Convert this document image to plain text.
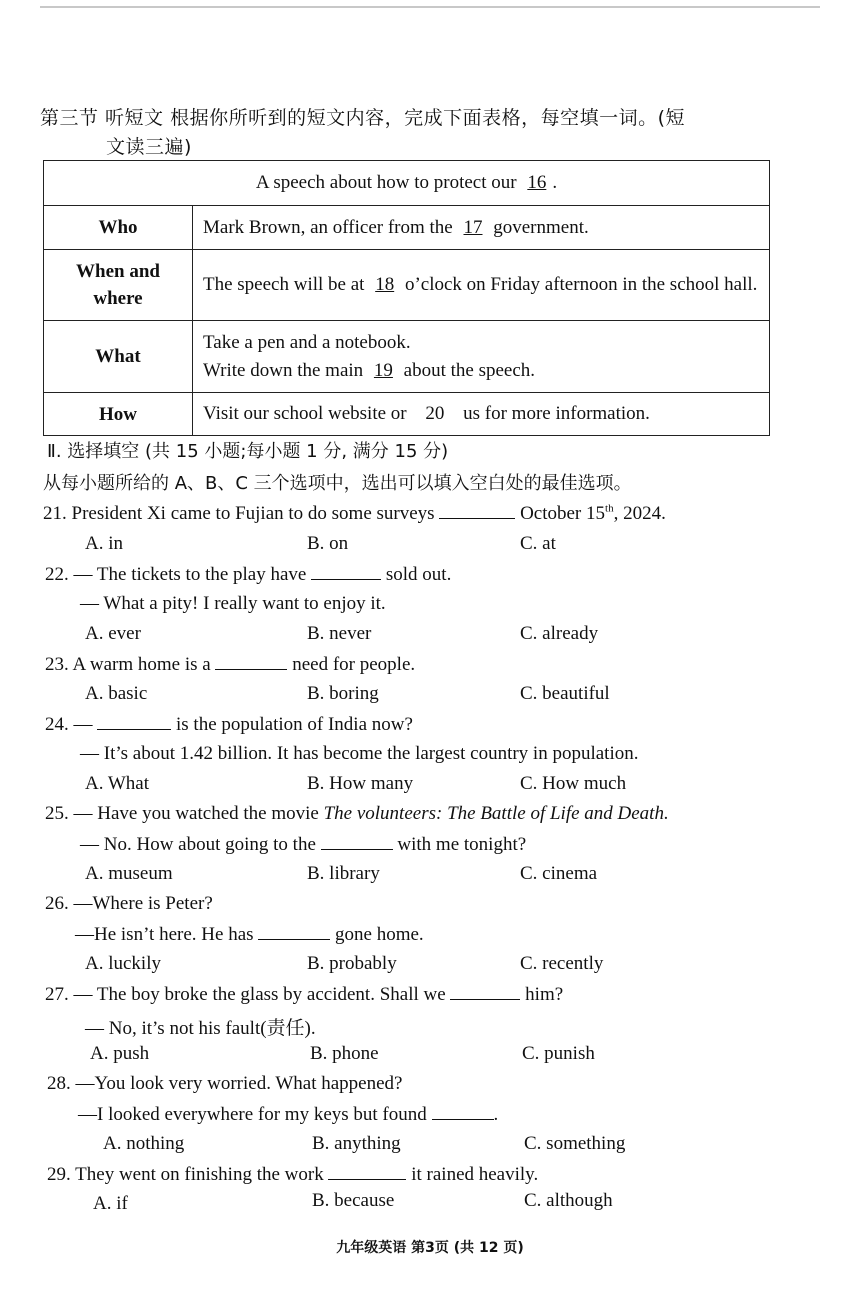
第三节 听短文 根据你所听到的短文内容，完成下面表格，每空填一词。(短
文读三遍)
A speech about how to protect our 16 .	
Who	Mark Brown, an officer from the 17 government.
When and where	The speech will be at 18 o’clock on Friday afternoon in the school hall.
What	Take a pen and a notebook.
Write down the main 19 about the speech.
How	Visit our school website or 20 us for more information.
Ⅱ. 选择填空 (共 15 小题;每小题 1 分, 满分 15 分)
从每小题所给的 A、B、C 三个选项中，选出可以填入空白处的最佳选项。
21. President Xi came to Fujian to do some surveys	October 15th, 2024.
A. in	B. on	C. at
22. — The tickets to the play have	sold out.
— What a pity! I really want to enjoy it.
A. ever	B. never	C. already
23. A warm home is a	need for people.
A. basic	B. boring	C. beautiful
24. —	is the population of India now?
— It’s about 1.42 billion. It has become the largest country in population.
A. What	B. How many	C. How much
25. — Have you watched the movie The volunteers: The Battle of Life and Death.
— No. How about going to the	with me tonight?
A. museum	B. library	C. cinema
26. —Where is Peter?
—He isn’t here. He has	gone home.
A. luckily	B. probably	C. recently
27. — The boy broke the glass by accident. Shall we	him?
— No, it’s not his fault(责任).
A. push	B. phone	C. punish
28. —You look very worried. What happened?
—I looked everywhere for my keys but found	.
A. nothing	B. anything	C. something
29. They went on finishing the work	it rained heavily.
A. if	B. because	C. although
九年级英语 第3页 (共 12 页)
